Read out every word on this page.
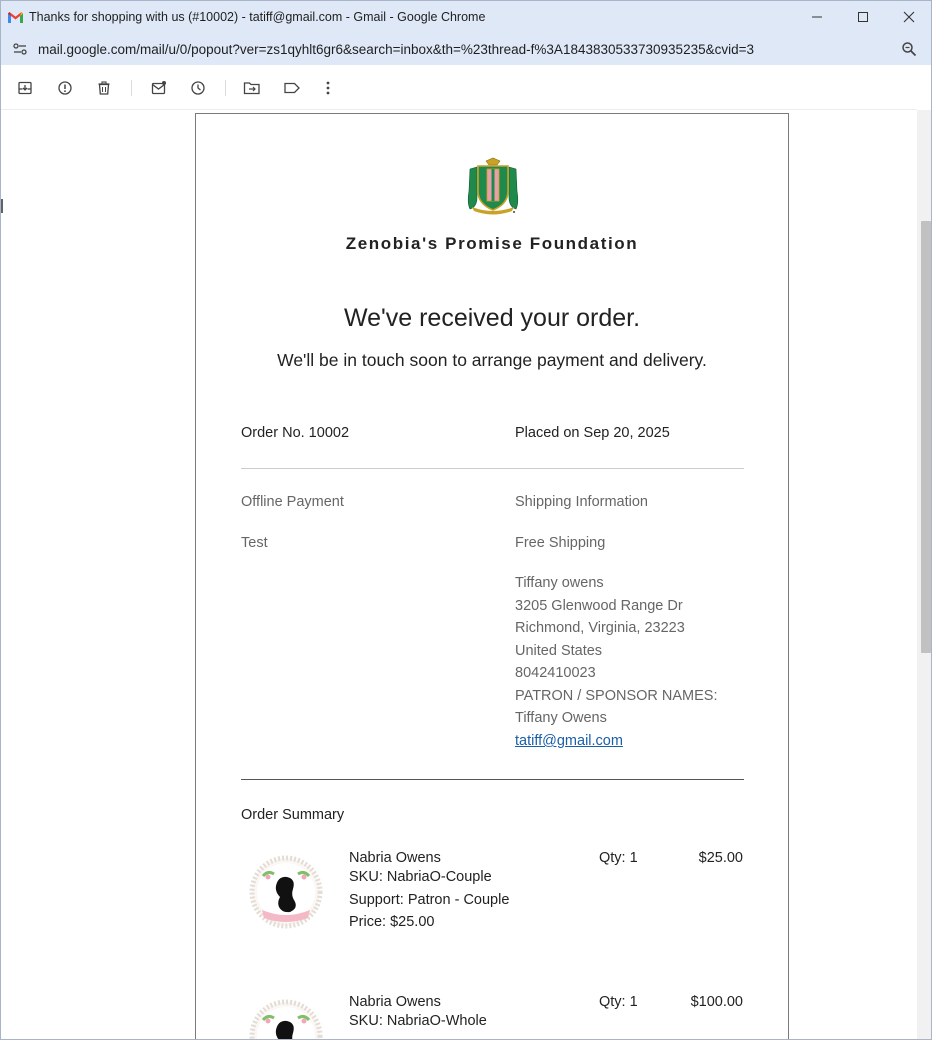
Thanks for shopping with us (#10002) - tatiff@gmail.com - Gmail - Google Chrome
mail.google.com/mail/u/0/popout?ver=zs1qyhlt6gr6&search=inbox&th=%23thread-f%3A1843830533730935235&cvid=3
Zenobia's Promise Foundation
We've received your order.
We'll be in touch soon to arrange payment and delivery.
Order No. 10002	Placed on Sep 20, 2025
Offline Payment
Test
Shipping Information
Free Shipping
Tiffany owens
3205 Glenwood Range Dr
Richmond, Virginia, 23223
United States
8042410023
PATRON / SPONSOR NAMES:
Tiffany Owens
tatiff@gmail.com
Order Summary
Nabria Owens
SKU: NabriaO-Couple
Support: Patron - Couple
Price: $25.00
Qty: 1	$25.00
Nabria Owens
SKU: NabriaO-Whole
Qty: 1	$100.00
